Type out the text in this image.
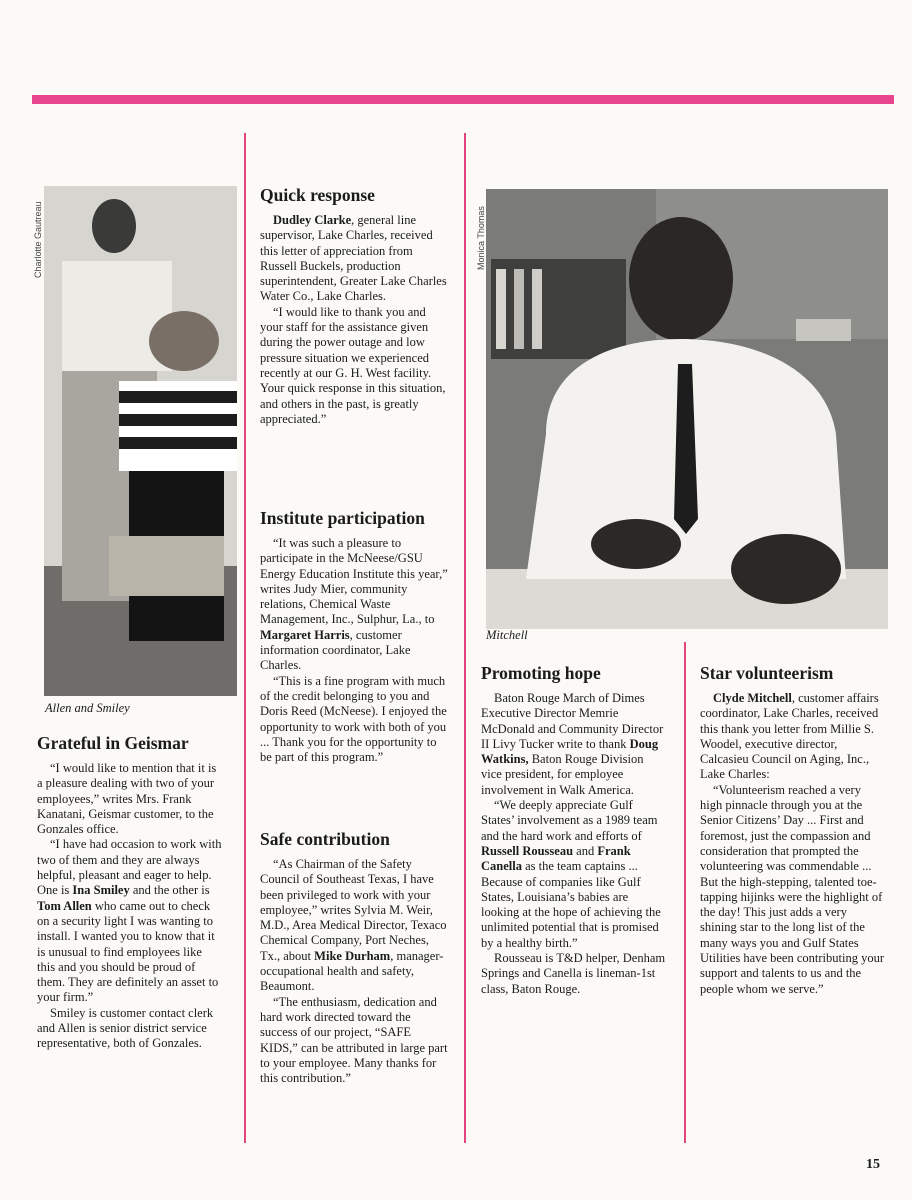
Charlotte Gautreau
Allen and Smiley
Grateful in Geismar

“I would like to mention that it is a pleasure dealing with two of your employees,” writes Mrs. Frank Kanatani, Geismar customer, to the Gonzales office.

“I have had occasion to work with two of them and they are always helpful, pleasant and eager to help. One is Ina Smiley and the other is Tom Allen who came out to check on a security light I was wanting to install. I wanted you to know that it is unusual to find employees like this and you should be proud of them. They are definitely an asset to your firm.”

Smiley is customer contact clerk and Allen is senior district service representative, both of Gonzales.

Quick response

Dudley Clarke, general line supervisor, Lake Charles, received this letter of appreciation from Russell Buckels, production superintendent, Greater Lake Charles Water Co., Lake Charles.

“I would like to thank you and your staff for the assistance given during the power outage and low pressure situation we experienced recently at our G. H. West facility. Your quick response in this situation, and others in the past, is greatly appreciated.”

Institute participation

“It was such a pleasure to participate in the McNeese/GSU Energy Education Institute this year,” writes Judy Mier, community relations, Chemical Waste Management, Inc., Sulphur, La., to Margaret Harris, customer information coordinator, Lake Charles.

“This is a fine program with much of the credit belonging to you and Doris Reed (McNeese). I enjoyed the opportunity to work with both of you ... Thank you for the opportunity to be part of this program.”

Safe contribution

“As Chairman of the Safety Council of Southeast Texas, I have been privileged to work with your employee,” writes Sylvia M. Weir, M.D., Area Medical Director, Texaco Chemical Company, Port Neches, Tx., about Mike Durham, manager-occupational health and safety, Beaumont.

“The enthusiasm, dedication and hard work directed toward the success of our project, “SAFE KIDS,” can be attributed in large part to your employee. Many thanks for this contribution.”

Monica Thomas
Mitchell
Promoting hope

Baton Rouge March of Dimes Executive Director Memrie McDonald and Community Director II Livy Tucker write to thank Doug Watkins, Baton Rouge Division vice president, for employee involvement in Walk America.

“We deeply appreciate Gulf States’ involvement as a 1989 team and the hard work and efforts of Russell Rousseau and Frank Canella as the team captains ... Because of companies like Gulf States, Louisiana’s babies are looking at the hope of achieving the unlimited potential that is promised by a healthy birth.”

Rousseau is T&D helper, Denham Springs and Canella is lineman-1st class, Baton Rouge.

Star volunteerism

Clyde Mitchell, customer affairs coordinator, Lake Charles, received this thank you letter from Millie S. Woodel, executive director, Calcasieu Council on Aging, Inc., Lake Charles:

“Volunteerism reached a very high pinnacle through you at the Senior Citizens’ Day ... First and foremost, just the compassion and consideration that prompted the volunteering was commendable ... But the high-stepping, talented toe-tapping hijinks were the highlight of the day! This just adds a very shining star to the long list of the many ways you and Gulf States Utilities have been contributing your support and talents to us and the people whom we serve.”

15
